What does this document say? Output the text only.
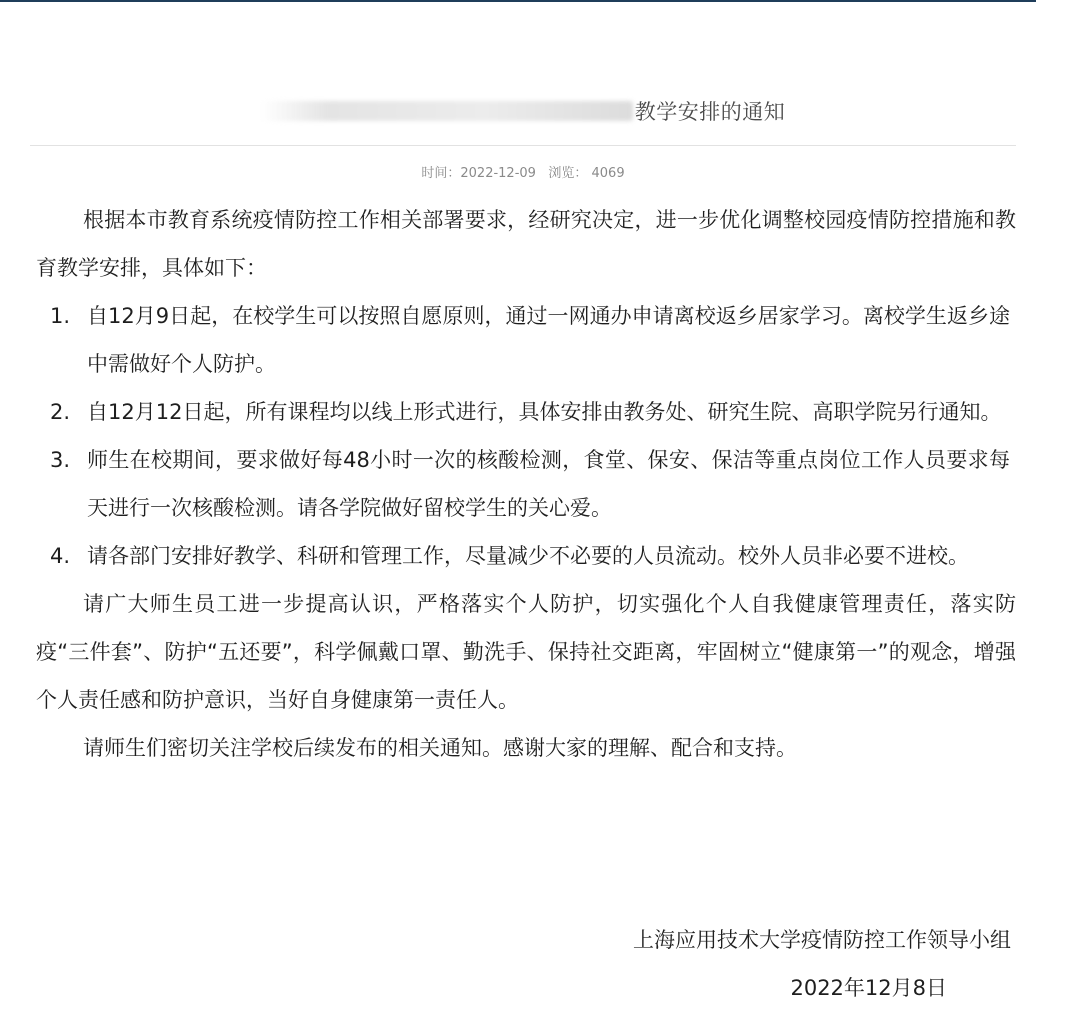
教学安排的通知
时间：2022-12-09 浏览： 4069

根据本市教育系统疫情防控工作相关部署要求，经研究决定，进一步优化调整校园疫情防控措施和教育教学安排，具体如下：

1. 自12月9日起，在校学生可以按照自愿原则，通过一网通办申请离校返乡居家学习。离校学生返乡途中需做好个人防护。
2. 自12月12日起，所有课程均以线上形式进行，具体安排由教务处、研究生院、高职学院另行通知。
3. 师生在校期间，要求做好每48小时一次的核酸检测，食堂、保安、保洁等重点岗位工作人员要求每天进行一次核酸检测。请各学院做好留校学生的关心爱。
4. 请各部门安排好教学、科研和管理工作，尽量减少不必要的人员流动。校外人员非必要不进校。

请广大师生员工进一步提高认识，严格落实个人防护，切实强化个人自我健康管理责任，落实防疫“三件套”、防护“五还要”，科学佩戴口罩、勤洗手、保持社交距离，牢固树立“健康第一”的观念，增强个人责任感和防护意识，当好自身健康第一责任人。

请师生们密切关注学校后续发布的相关通知。感谢大家的理解、配合和支持。

上海应用技术大学疫情防控工作领导小组
2022年12月8日
